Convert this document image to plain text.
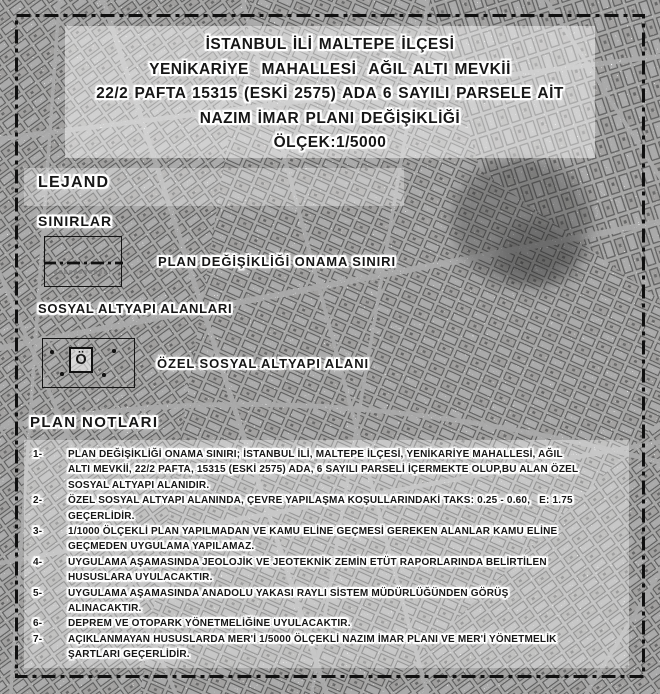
İSTANBUL İLİ MALTEPE İLÇESİ
YENİKARİYE  MAHALLESİ  AĞIL ALTI MEVKİİ
22/2 PAFTA 15315 (ESKİ 2575) ADA 6 SAYILI PARSELE AİT
NAZIM İMAR PLANI DEĞİŞİKLİĞİ
ÖLÇEK:1/5000
LEJAND
SINIRLAR
PLAN DEĞİŞİKLİĞİ ONAMA SINIRI
SOSYAL ALTYAPI ALANLARI
Ö	ÖZEL SOSYAL ALTYAPI ALANI
PLAN NOTLARI
1-	PLAN DEĞİŞİKLİĞİ ONAMA SINIRI; İSTANBUL İLİ, MALTEPE İLÇESİ, YENİKARİYE MAHALLESİ, AĞIL
ALTI MEVKİİ, 22/2 PAFTA, 15315 (ESKİ 2575) ADA, 6 SAYILI PARSELİ İÇERMEKTE OLUP,BU ALAN ÖZEL
SOSYAL ALTYAPI ALANIDIR.
2-	ÖZEL SOSYAL ALTYAPI ALANINDA, ÇEVRE YAPILAŞMA KOŞULLARINDAKİ TAKS: 0.25 - 0.60,   E: 1.75
GEÇERLİDİR.
3-	1/1000 ÖLÇEKLİ PLAN YAPILMADAN VE KAMU ELİNE GEÇMESİ GEREKEN ALANLAR KAMU ELİNE
GEÇMEDEN UYGULAMA YAPILAMAZ.
4-	UYGULAMA AŞAMASINDA JEOLOJİK VE JEOTEKNİK ZEMİN ETÜT RAPORLARINDA BELİRTİLEN
HUSUSLARA UYULACAKTIR.
5-	UYGULAMA AŞAMASINDA ANADOLU YAKASI RAYLI SİSTEM MÜDÜRLÜĞÜNDEN GÖRÜŞ
ALINACAKTIR.
6-	DEPREM VE OTOPARK YÖNETMELİĞİNE UYULACAKTIR.
7-	AÇIKLANMAYAN HUSUSLARDA MER'İ 1/5000 ÖLÇEKLİ NAZIM İMAR PLANI VE MER'İ YÖNETMELİK
ŞARTLARI GEÇERLİDİR.
